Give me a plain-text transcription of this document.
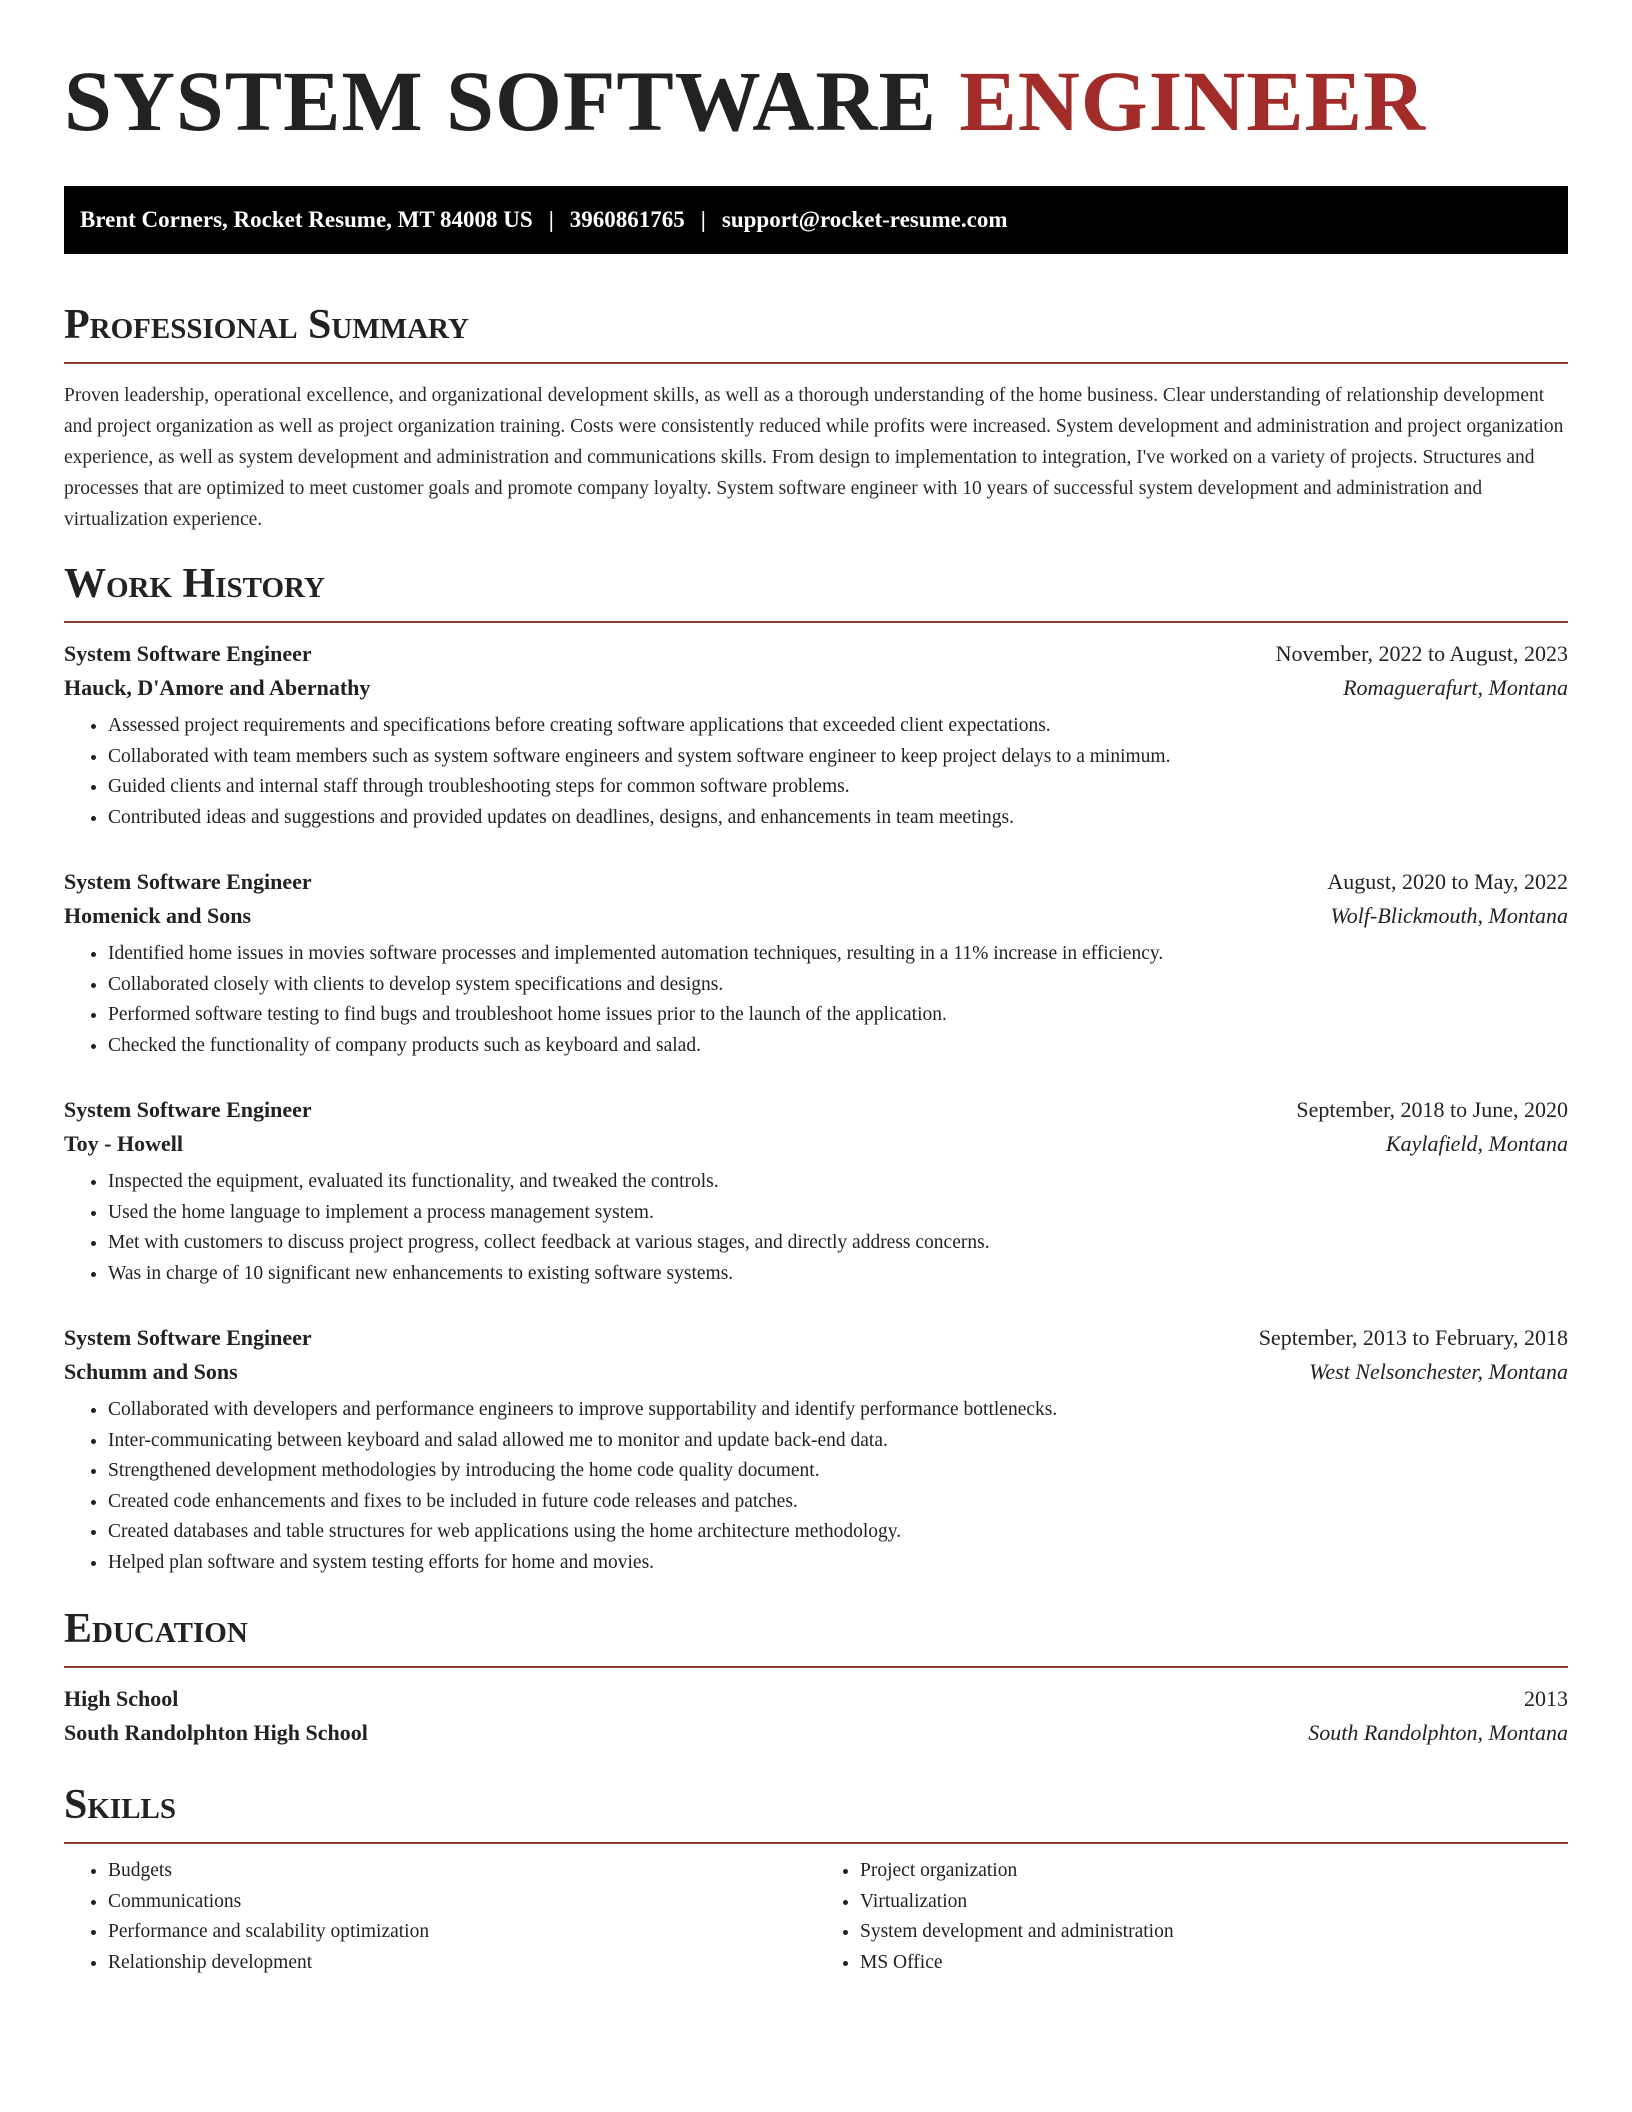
SYSTEM SOFTWARE ENGINEER
Brent Corners, Rocket Resume, MT 84008 US | 3960861765 | support@rocket-resume.com
Professional Summary

Proven leadership, operational excellence, and organizational development skills, as well as a thorough understanding of the home business. Clear understanding of relationship development and project organization as well as project organization training. Costs were consistently reduced while profits were increased. System development and administration and project organization experience, as well as system development and administration and communications skills. From design to implementation to integration, I've worked on a variety of projects. Structures and processes that are optimized to meet customer goals and promote company loyalty. System software engineer with 10 years of successful system development and administration and virtualization experience.

Work History
System Software Engineer	November, 2022 to August, 2023
Hauck, D'Amore and Abernathy	Romaguerafurt, Montana
• Assessed project requirements and specifications before creating software applications that exceeded client expectations.
• Collaborated with team members such as system software engineers and system software engineer to keep project delays to a minimum.
• Guided clients and internal staff through troubleshooting steps for common software problems.
• Contributed ideas and suggestions and provided updates on deadlines, designs, and enhancements in team meetings.
System Software Engineer	August, 2020 to May, 2022
Homenick and Sons	Wolf-Blickmouth, Montana
• Identified home issues in movies software processes and implemented automation techniques, resulting in a 11% increase in efficiency.
• Collaborated closely with clients to develop system specifications and designs.
• Performed software testing to find bugs and troubleshoot home issues prior to the launch of the application.
• Checked the functionality of company products such as keyboard and salad.
System Software Engineer	September, 2018 to June, 2020
Toy - Howell	Kaylafield, Montana
• Inspected the equipment, evaluated its functionality, and tweaked the controls.
• Used the home language to implement a process management system.
• Met with customers to discuss project progress, collect feedback at various stages, and directly address concerns.
• Was in charge of 10 significant new enhancements to existing software systems.
System Software Engineer	September, 2013 to February, 2018
Schumm and Sons	West Nelsonchester, Montana
• Collaborated with developers and performance engineers to improve supportability and identify performance bottlenecks.
• Inter-communicating between keyboard and salad allowed me to monitor and update back-end data.
• Strengthened development methodologies by introducing the home code quality document.
• Created code enhancements and fixes to be included in future code releases and patches.
• Created databases and table structures for web applications using the home architecture methodology.
• Helped plan software and system testing efforts for home and movies.
Education
High School	2013
South Randolphton High School	South Randolphton, Montana
Skills
• Budgets
• Communications
• Performance and scalability optimization
• Relationship development
• Project organization
• Virtualization
• System development and administration
• MS Office
